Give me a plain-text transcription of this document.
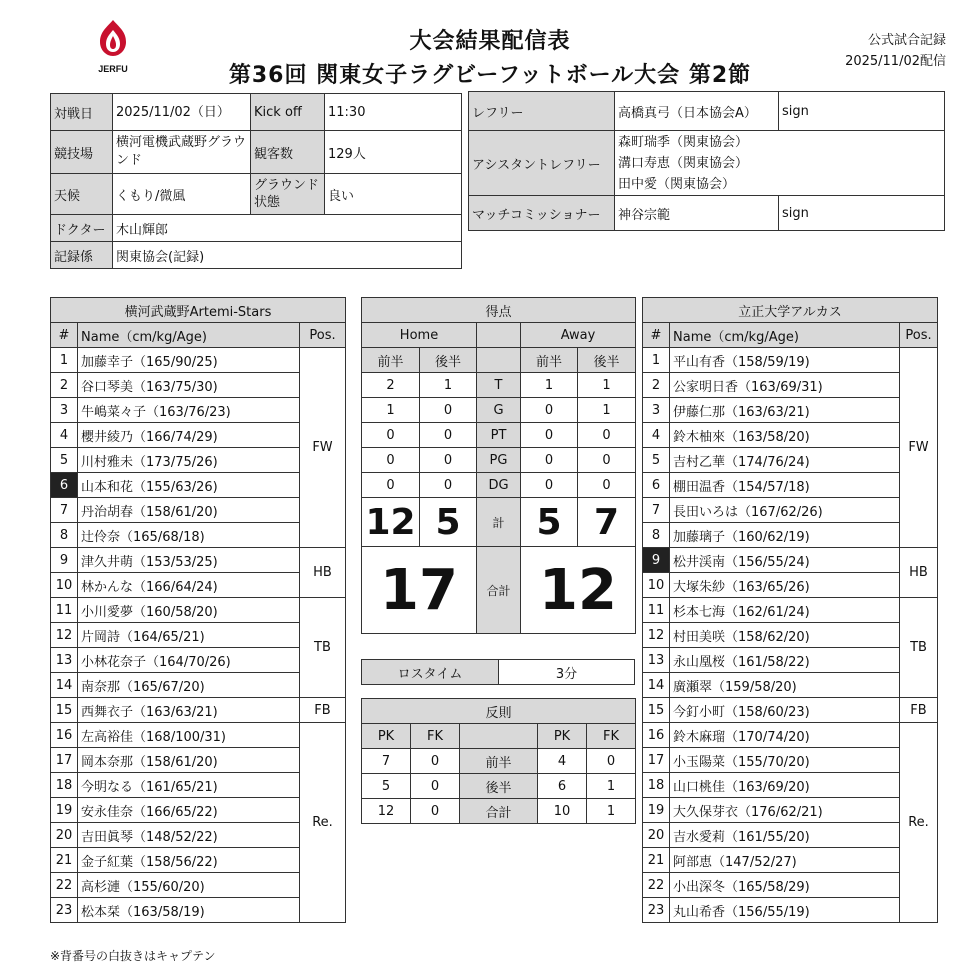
JERFU
大会結果配信表
第36回 関東女子ラグビーフットボール大会 第2節
公式試合記録
2025/11/02配信
対戦日	2025/11/02（日）	Kick off	11:30
競技場	横河電機武蔵野グラウンド	観客数	129人
天候	くもり/微風	グラウンド状態	良い
ドクター	木山輝郎		
記録係	関東協会(記録)		
レフリー	高橋真弓（日本協会A）	sign
アシスタントレフリー	森町瑞季（関東協会）
溝口寿恵（関東協会）
田中愛（関東協会）	

マッチコミッショナー	神谷宗範	sign
横河武蔵野Artemi-Stars		
#	Name（cm/kg/Age)	Pos.
1	加藤幸子（165/90/25)	FW
2	谷口琴美（163/75/30)	
3	牛嶋菜々子（163/76/23)	
4	櫻井綾乃（166/74/29)	
5	川村雅未（173/75/26)	
6	山本和花（155/63/26)	
7	丹治胡春（158/61/20)	
8	辻伶奈（165/68/18)	
9	津久井萌（153/53/25)	HB
10	林かんな（166/64/24)	
11	小川愛夢（160/58/20)	TB
12	片岡詩（164/65/21)	
13	小林花奈子（164/70/26)	
14	南奈那（165/67/20)	
15	西舞衣子（163/63/21)	FB
16	左高裕佳（168/100/31)	Re.
17	岡本奈那（158/61/20)	
18	今明なる（161/65/21)	
19	安永佳奈（166/65/22)	
20	吉田眞琴（148/52/22)	
21	金子紅葉（158/56/22)	
22	高杉漣（155/60/20)	
23	松本栞（163/58/19)	
立正大学アルカス		
#	Name（cm/kg/Age)	Pos.
1	平山有香（158/59/19)	FW
2	公家明日香（163/69/31)	
3	伊藤仁那（163/63/21)	
4	鈴木柚來（163/58/20)	
5	吉村乙華（174/76/24)	
6	棚田温香（154/57/18)	
7	長田いろは（167/62/26)	
8	加藤璃子（160/62/19)	
9	松井渓南（156/55/24)	HB
10	大塚朱紗（163/65/26)	
11	杉本七海（162/61/24)	TB
12	村田美咲（158/62/20)	
13	永山凰桜（161/58/22)	
14	廣瀬翠（159/58/20)	
15	今釘小町（158/60/23)	FB
16	鈴木麻瑠（170/74/20)	Re.
17	小玉陽菜（155/70/20)	
18	山口桃佳（163/69/20)	
19	大久保芽衣（176/62/21)	
20	吉水愛莉（161/55/20)	
21	阿部恵（147/52/27)	
22	小出深冬（165/58/29)	
23	丸山希香（156/55/19)	
得点				
Home			Away	
前半	後半		前半	後半
2	1	T	1	1
1	0	G	0	1
0	0	PT	0	0
0	0	PG	0	0
0	0	DG	0	0
12	5	計	5	7
17		合計	12	
ロスタイム	3分
反則				
PK	FK		PK	FK
7	0	前半	4	0
5	0	後半	6	1
12	0	合計	10	1
※背番号の白抜きはキャプテン
